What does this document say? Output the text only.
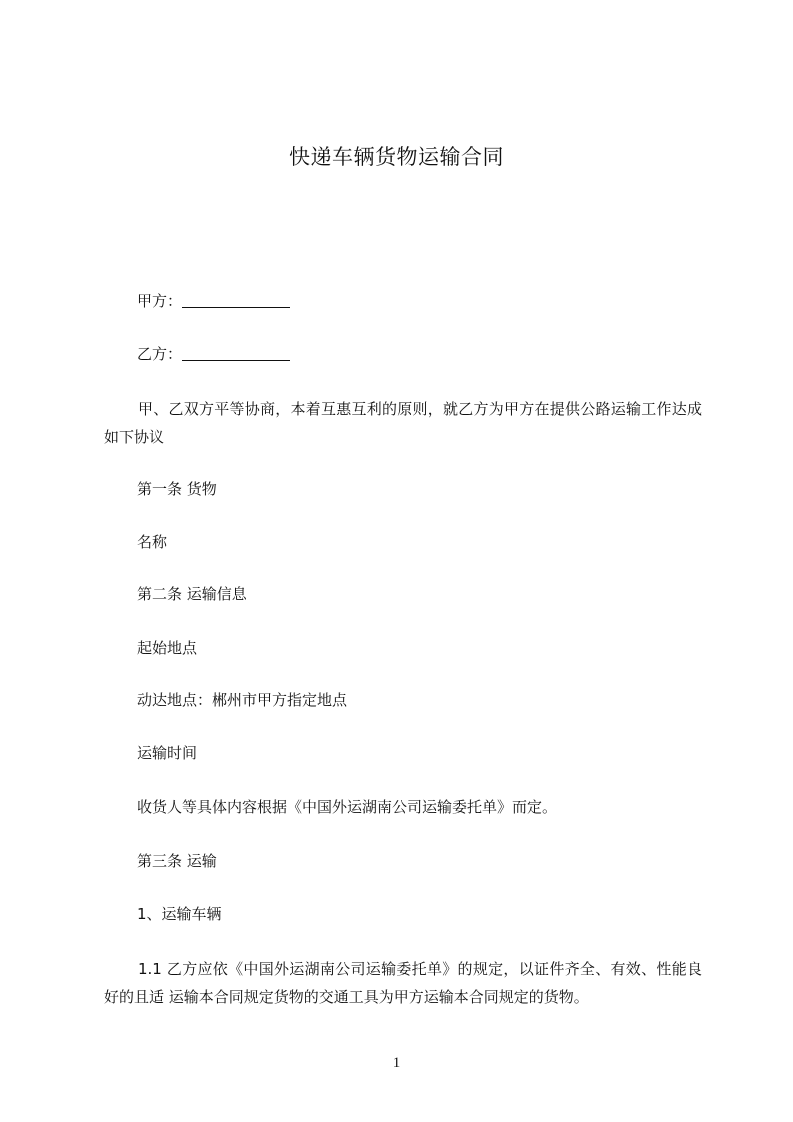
快递车辆货物运输合同
甲方：
乙方：
甲、乙双方平等协商，本着互惠互利的原则，就乙方为甲方在提供公路运输工作达成如下协议
第一条 货物
名称
第二条 运输信息
起始地点
动达地点：郴州市甲方指定地点
运输时间
收货人等具体内容根据《中国外运湖南公司运输委托单》而定。
第三条 运输
1、运输车辆
1.1 乙方应依《中国外运湖南公司运输委托单》的规定，以证件齐全、有效、性能良好的且适 运输本合同规定货物的交通工具为甲方运输本合同规定的货物。
1
